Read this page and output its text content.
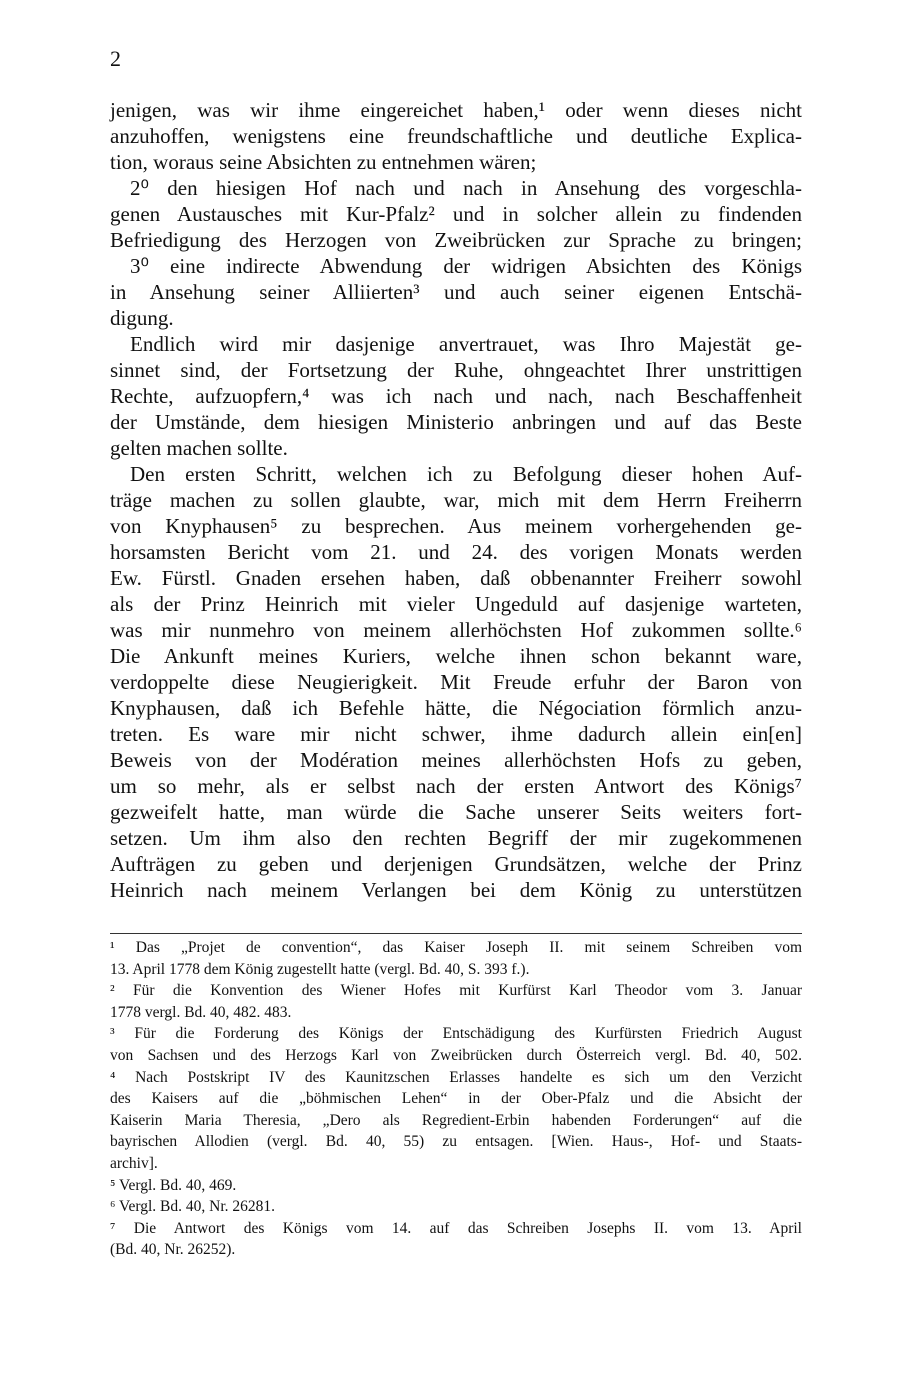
2
jenigen, was wir ihme eingereichet haben,¹ oder wenn dieses nicht
anzuhoffen, wenigstens eine freundschaftliche und deutliche Explica-
tion, woraus seine Absichten zu entnehmen wären;
2⁰ den hiesigen Hof nach und nach in Ansehung des vorgeschla-
genen Austausches mit Kur-Pfalz² und in solcher allein zu findenden
Befriedigung des Herzogen von Zweibrücken zur Sprache zu bringen;
3⁰ eine indirecte Abwendung der widrigen Absichten des Königs
in Ansehung seiner Alliierten³ und auch seiner eigenen Entschä-
digung.
Endlich wird mir dasjenige anvertrauet, was Ihro Majestät ge-
sinnet sind, der Fortsetzung der Ruhe, ohngeachtet Ihrer unstrittigen
Rechte, aufzuopfern,⁴ was ich nach und nach, nach Beschaffenheit
der Umstände, dem hiesigen Ministerio anbringen und auf das Beste
gelten machen sollte.
Den ersten Schritt, welchen ich zu Befolgung dieser hohen Auf-
träge machen zu sollen glaubte, war, mich mit dem Herrn Freiherrn
von Knyphausen⁵ zu besprechen. Aus meinem vorhergehenden ge-
horsamsten Bericht vom 21. und 24. des vorigen Monats werden
Ew. Fürstl. Gnaden ersehen haben, daß obbenannter Freiherr sowohl
als der Prinz Heinrich mit vieler Ungeduld auf dasjenige warteten,
was mir nunmehro von meinem allerhöchsten Hof zukommen sollte.⁶
Die Ankunft meines Kuriers, welche ihnen schon bekannt ware,
verdoppelte diese Neugierigkeit. Mit Freude erfuhr der Baron von
Knyphausen, daß ich Befehle hätte, die Négociation förmlich anzu-
treten. Es ware mir nicht schwer, ihme dadurch allein ein[en]
Beweis von der Modération meines allerhöchsten Hofs zu geben,
um so mehr, als er selbst nach der ersten Antwort des Königs⁷
gezweifelt hatte, man würde die Sache unserer Seits weiters fort-
setzen. Um ihm also den rechten Begriff der mir zugekommenen
Aufträgen zu geben und derjenigen Grundsätzen, welche der Prinz
Heinrich nach meinem Verlangen bei dem König zu unterstützen
¹ Das „Projet de convention“, das Kaiser Joseph II. mit seinem Schreiben vom
13. April 1778 dem König zugestellt hatte (vergl. Bd. 40, S. 393 f.).
² Für die Konvention des Wiener Hofes mit Kurfürst Karl Theodor vom 3. Januar
1778 vergl. Bd. 40, 482. 483.
³ Für die Forderung des Königs der Entschädigung des Kurfürsten Friedrich August
von Sachsen und des Herzogs Karl von Zweibrücken durch Österreich vergl. Bd. 40, 502.
⁴ Nach Postskript IV des Kaunitzschen Erlasses handelte es sich um den Verzicht
des Kaisers auf die „böhmischen Lehen“ in der Ober-Pfalz und die Absicht der
Kaiserin Maria Theresia, „Dero als Regredient-Erbin habenden Forderungen“ auf die
bayrischen Allodien (vergl. Bd. 40, 55) zu entsagen. [Wien. Haus-, Hof- und Staats-
archiv].
⁵ Vergl. Bd. 40, 469.
⁶ Vergl. Bd. 40, Nr. 26281.
⁷ Die Antwort des Königs vom 14. auf das Schreiben Josephs II. vom 13. April
(Bd. 40, Nr. 26252).
